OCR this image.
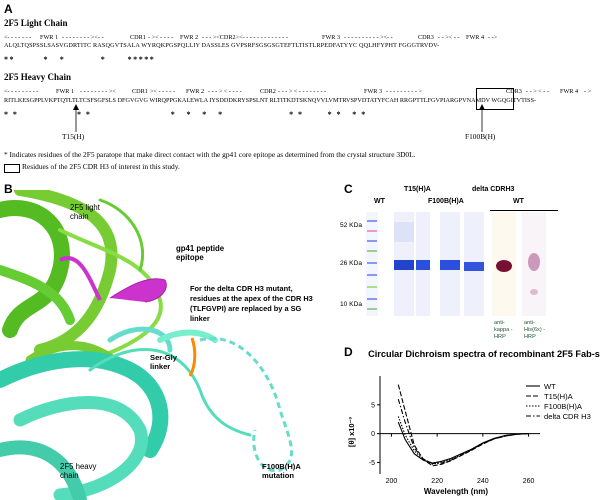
A
2F5 Light Chain
<- - - - - - - FWR 1 - - - - - - - - ><- -	CDR1 - >< - - - - FWR 2 - - - ><CDR2><- - - - - - - - - - - - -	FWR 3 - - - - - - - - - - ><- -	CDR3 - - >< - - FWR 4 - ->
ALQLTQSPSSLSASVGDRTITC RASQGVTSALA WYRQKPGSPQLLIY DASSLES GVPSRFSGSGSGTEFTLTISTLRPEDFATYYC QQLHFYPHT FGGGTRVDV-
**        *   *          *      *****
2F5 Heavy Chain
<- - - - - - - - -	FWR 1 - - - - - - - - ><	CDR1 >< - - - - - FWR 2 - - - > < - - - -	CDR2 - - - > < - - - - - - - -	FWR 3 - - - - - - - - - >	CDR3 - - > < - - FWR 4 - >
RITLKESGPPLVKPTQTLTLTCSFSGFSLS DFGVGVG WIRQPPGKALEWLA IYSDDDKRYSPSLNT RLTITKDTSKNQVVLVMTRVSPVDTATYFCAH RRGPTTLFGVPIARGPVNAMDV WGQGITVTISS-
**        **           * * * *         **   ** **
T15(H)	F100B(H)
* Indicates residues of the 2F5 paratope that make direct contact with the gp41 core epitope as determined from the crystal structure 3D0L.
Residues of the 2F5 CDR H3 of interest in this study.
B
2F5 light chain
gp41 peptide epitope
For the delta CDR H3 mutant, residues at the apex of the CDR H3 (TLFGVPI) are replaced by a SG linker
Ser-Gly linker
F100B(H)A mutation
2F5 heavy chain
C	T15(H)A	delta CDRH3
WT	F100B(H)A	WT
52 KDa
26 KDa
10 KDa
anti-kappa -HRP
anti-His(6x) -HRP
D	Circular Dichroism spectra of recombinant 2F5 Fab-s
[θ] x10⁻³
Wavelength (nm)
5
0
-5
200	220	240	260
WT
T15(H)A
F100B(H)A
delta CDR H3
